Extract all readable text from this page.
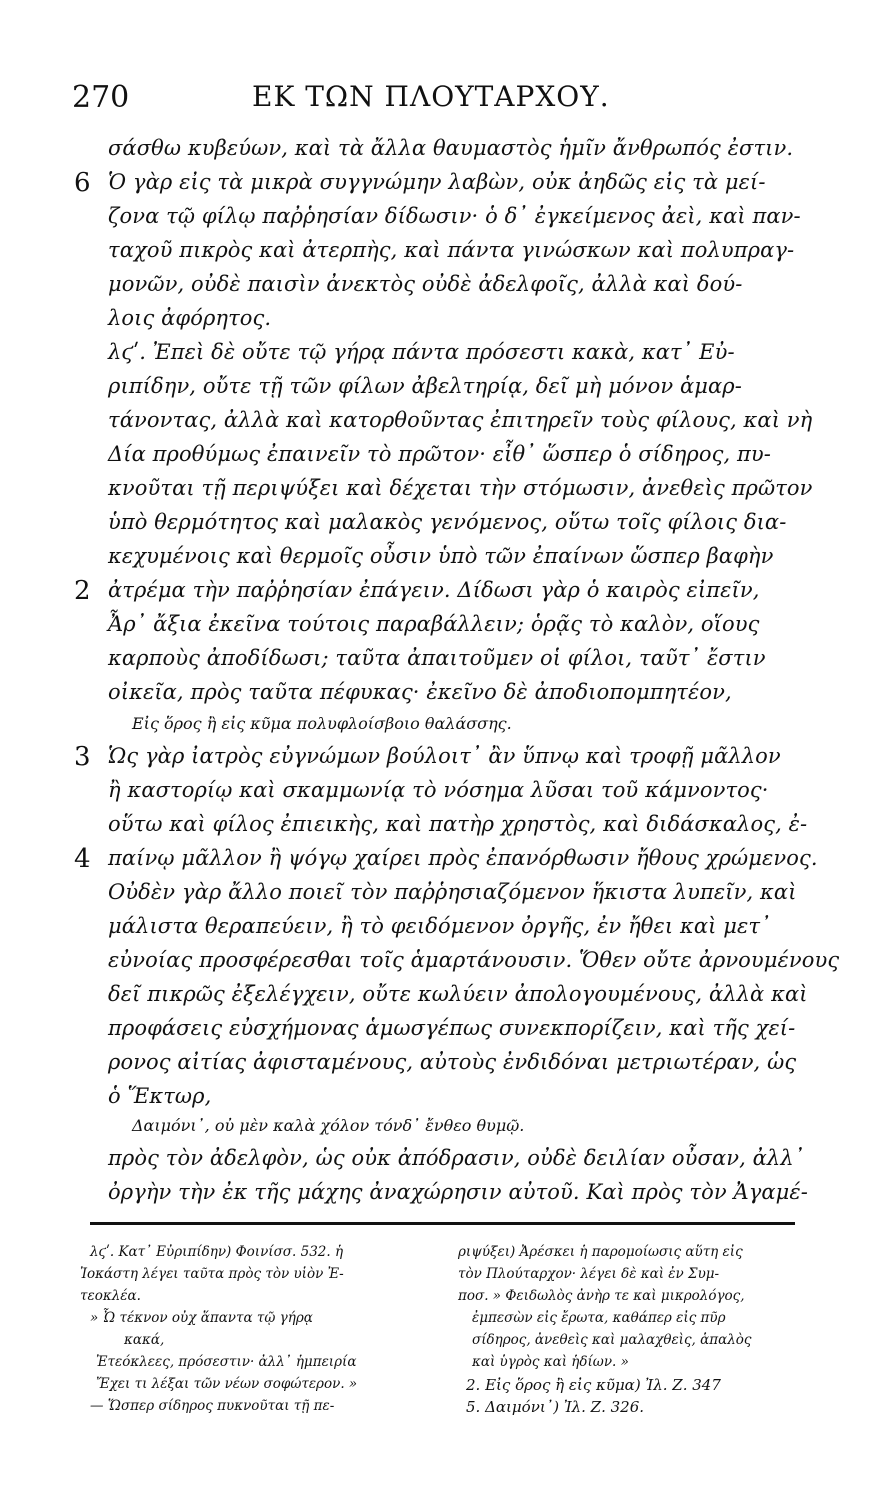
270	ΕΚ ΤΩΝ ΠΛΟΥΤΑΡΧΟΥ.
σάσθω κυβεύων, καὶ τὰ ἄλλα θαυμαστὸς ἡμῖν ἄνθρωπός ἐστιν.
Ὁ γὰρ εἰς τὰ μικρὰ συγγνώμην λαβὼν, οὐκ ἀηδῶς εἰς τὰ μεί-
ζονα τῷ φίλῳ παῤῥησίαν δίδωσιν· ὁ δ᾽ ἐγκείμενος ἀεὶ, καὶ παν-
ταχοῦ πικρὸς καὶ ἀτερπὴς, καὶ πάντα γινώσκων καὶ πολυπραγ-
μονῶν, οὐδὲ παισὶν ἀνεκτὸς οὐδὲ ἀδελφοῖς, ἀλλὰ καὶ δού-
λοις ἀφόρητος.
λϛʹ. Ἐπεὶ δὲ οὔτε τῷ γήρᾳ πάντα πρόσεστι κακὰ, κατ᾽ Εὐ-
ριπίδην, οὔτε τῇ τῶν φίλων ἀβελτηρίᾳ, δεῖ μὴ μόνον ἁμαρ-
τάνοντας, ἀλλὰ καὶ κατορθοῦντας ἐπιτηρεῖν τοὺς φίλους, καὶ νὴ
Δία προθύμως ἐπαινεῖν τὸ πρῶτον· εἶθ᾽ ὥσπερ ὁ σίδηρος, πυ-
κνοῦται τῇ περιψύξει καὶ δέχεται τὴν στόμωσιν, ἀνεθεὶς πρῶτον
ὑπὸ θερμότητος καὶ μαλακὸς γενόμενος, οὕτω τοῖς φίλοις δια-
κεχυμένοις καὶ θερμοῖς οὖσιν ὑπὸ τῶν ἐπαίνων ὥσπερ βαφὴν
ἀτρέμα τὴν παῤῥησίαν ἐπάγειν. Δίδωσι γὰρ ὁ καιρὸς εἰπεῖν,
Ἆρ᾽ ἄξια ἐκεῖνα τούτοις παραβάλλειν; ὁρᾷς τὸ καλὸν, οἵους
καρποὺς ἀποδίδωσι; ταῦτα ἀπαιτοῦμεν οἱ φίλοι, ταῦτ᾽ ἔστιν
οἰκεῖα, πρὸς ταῦτα πέφυκας· ἐκεῖνο δὲ ἀποδιοπομπητέον,
Εἰς ὅρος ἢ εἰς κῦμα πολυφλοίσβοιο θαλάσσης.
Ὡς γὰρ ἰατρὸς εὐγνώμων βούλοιτ᾽ ἂν ὕπνῳ καὶ τροφῇ μᾶλλον
ἢ καστορίῳ καὶ σκαμμωνίᾳ τὸ νόσημα λῦσαι τοῦ κάμνοντος·
οὕτω καὶ φίλος ἐπιεικὴς, καὶ πατὴρ χρηστὸς, καὶ διδάσκαλος, ἐ-
παίνῳ μᾶλλον ἢ ψόγῳ χαίρει πρὸς ἐπανόρθωσιν ἤθους χρώμενος.
Οὐδὲν γὰρ ἄλλο ποιεῖ τὸν παῤῥησιαζόμενον ἥκιστα λυπεῖν, καὶ
μάλιστα θεραπεύειν, ἢ τὸ φειδόμενον ὀργῆς, ἐν ἤθει καὶ μετ᾽
εὐνοίας προσφέρεσθαι τοῖς ἁμαρτάνουσιν. Ὅθεν οὔτε ἀρνουμένους
δεῖ πικρῶς ἐξελέγχειν, οὔτε κωλύειν ἀπολογουμένους, ἀλλὰ καὶ
προφάσεις εὐσχήμονας ἁμωσγέπως συνεκπορίζειν, καὶ τῆς χεί-
ρονος αἰτίας ἀφισταμένους, αὐτοὺς ἐνδιδόναι μετριωτέραν, ὡς
ὁ Ἕκτωρ,
Δαιμόνι᾽, οὐ μὲν καλὰ χόλον τόνδ᾽ ἔνθεο θυμῷ.
πρὸς τὸν ἀδελφὸν, ὡς οὐκ ἀπόδρασιν, οὐδὲ δειλίαν οὖσαν, ἀλλ᾽
ὀργὴν τὴν ἐκ τῆς μάχης ἀναχώρησιν αὐτοῦ. Καὶ πρὸς τὸν Ἀγαμέ-
6
2
3
4
λϛʹ. Κατ᾽ Εὐριπίδην) Φοινίσσ. 532. ἡ
Ἰοκάστη λέγει ταῦτα πρὸς τὸν υἱὸν Ἐ-
τεοκλέα.
» Ὦ τέκνον οὐχ ἅπαντα τῷ γήρᾳ
κακά,
Ἐτεόκλεες, πρόσεστιν· ἀλλ᾽ ἡμπειρία
Ἔχει τι λέξαι τῶν νέων σοφώτερον. »
— Ὥσπερ σίδηρος πυκνοῦται τῇ πε-
ριψύξει) Ἀρέσκει ἡ παρομοίωσις αὕτη εἰς
τὸν Πλούταρχον· λέγει δὲ καὶ ἐν Συμ-
ποσ. » Φειδωλὸς ἀνὴρ τε καὶ μικρολόγος,
ἐμπεσὼν εἰς ἔρωτα, καθάπερ εἰς πῦρ
σίδηρος, ἀνεθεὶς καὶ μαλαχθεὶς, ἁπαλὸς
καὶ ὑγρὸς καὶ ἡδίων. »
2. Εἰς ὅρος ἢ εἰς κῦμα) Ἰλ. Ζ. 347
5. Δαιμόνι᾽) Ἰλ. Ζ. 326.
